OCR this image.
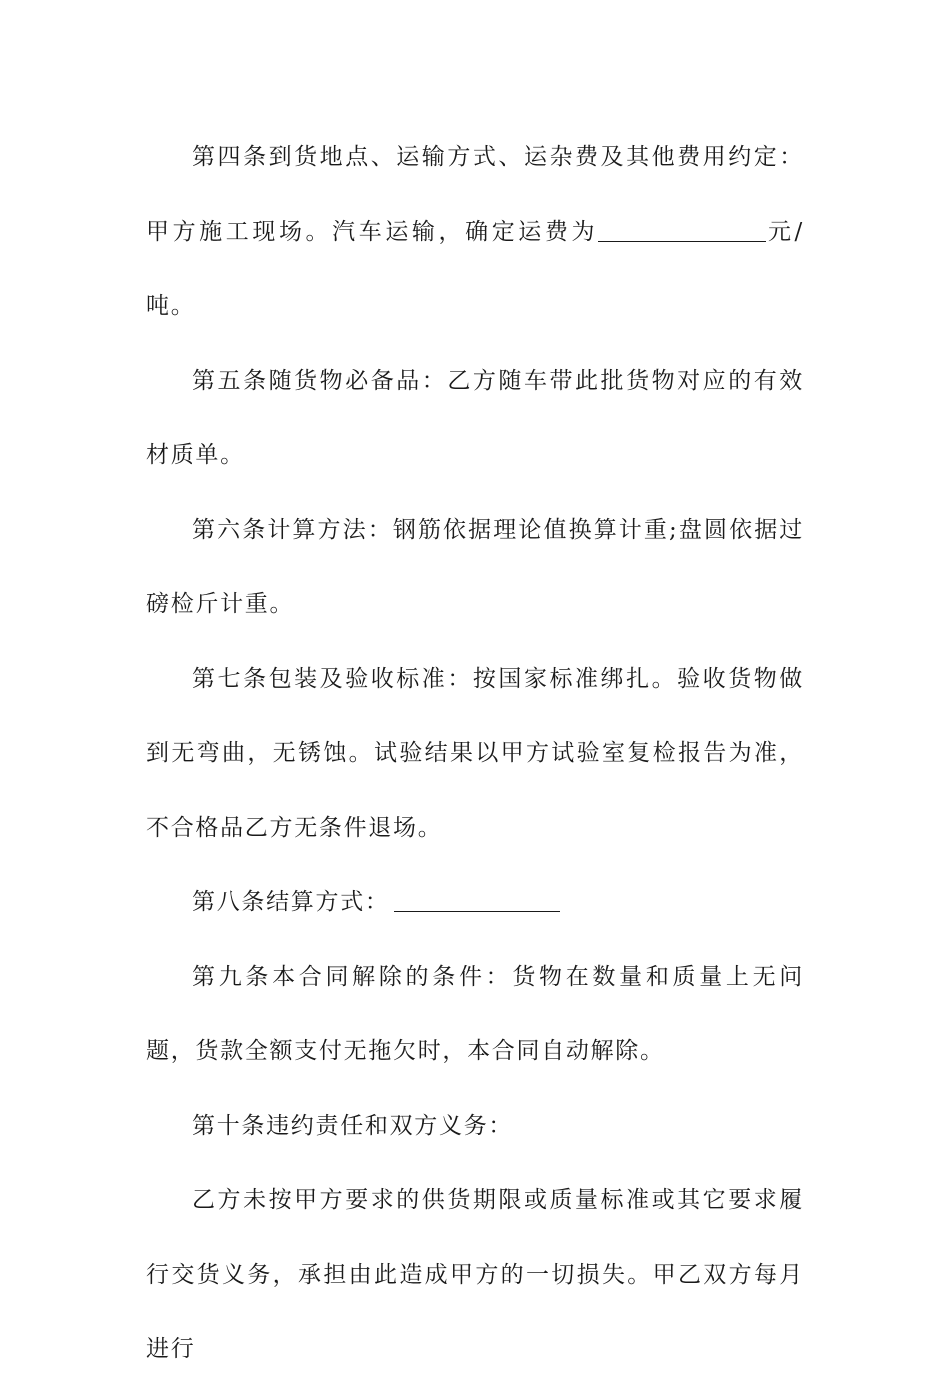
第四条到货地点、运输方式、运杂费及其他费用约定：甲方施工现场。汽车运输，确定运费为	元/吨。

第五条随货物必备品：乙方随车带此批货物对应的有效材质单。

第六条计算方法：钢筋依据理论值换算计重;盘圆依据过磅检斤计重。

第七条包装及验收标准：按国家标准绑扎。验收货物做到无弯曲，无锈蚀。试验结果以甲方试验室复检报告为准，不合格品乙方无条件退场。

第八条结算方式：

第九条本合同解除的条件：货物在数量和质量上无问题，货款全额支付无拖欠时，本合同自动解除。

第十条违约责任和双方义务：

乙方未按甲方要求的供货期限或质量标准或其它要求履行交货义务，承担由此造成甲方的一切损失。甲乙双方每月进行
